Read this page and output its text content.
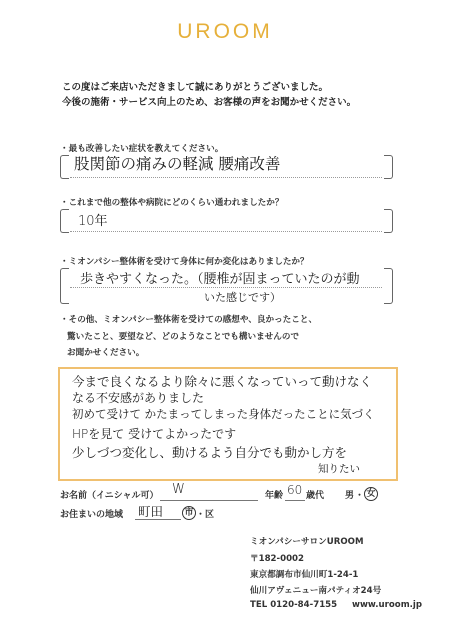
UROOM
この度はご来店いただきまして誠にありがとうございました。
今後の施術・サービス向上のため、お客様の声をお聞かせください。
・最も改善したい症状を教えてください。
股関節の痛みの軽減 腰痛改善
・これまで他の整体や病院にどのくらい通われましたか？
10年
・ミオンパシー整体術を受けて身体に何か変化はありましたか？
歩きやすくなった。（腰椎が固まっていたのが動
いた感じです）
・その他、ミオンパシー整体術を受けての感想や、良かったこと、
驚いたこと、要望など、どのようなことでも構いませんので
お聞かせください。
今まで良くなるより除々に悪くなっていって動けなく
なる不安感がありました
初めて受けて かたまってしまった身体だったことに気づく
HPを見て 受けてよかったです
少しづつ変化し、動けるよう自分でも動かし方を
知りたい
お名前（イニシャル可） W	年齢 60 歳代 男 ・ 女
お住まいの地域 町田 市 ・区
ミオンパシーサロンUROOM
〒182-0002
東京都調布市仙川町1-24-1
仙川アヴェニュー南パティオ24号
TEL 0120-84-7155 www.uroom.jp
